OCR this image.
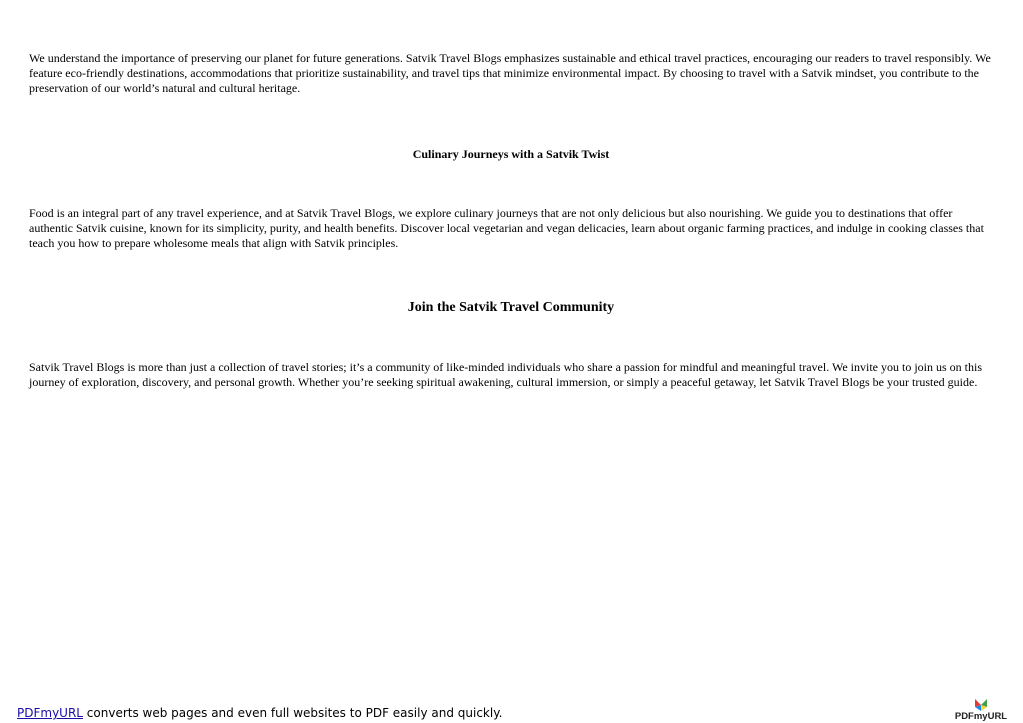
We understand the importance of preserving our planet for future generations. Satvik Travel Blogs emphasizes sustainable and ethical travel practices, encouraging our readers to travel responsibly. We feature eco-friendly destinations, accommodations that prioritize sustainability, and travel tips that minimize environmental impact. By choosing to travel with a Satvik mindset, you contribute to the preservation of our world’s natural and cultural heritage.

Culinary Journeys with a Satvik Twist

Food is an integral part of any travel experience, and at Satvik Travel Blogs, we explore culinary journeys that are not only delicious but also nourishing. We guide you to destinations that offer authentic Satvik cuisine, known for its simplicity, purity, and health benefits. Discover local vegetarian and vegan delicacies, learn about organic farming practices, and indulge in cooking classes that teach you how to prepare wholesome meals that align with Satvik principles.

Join the Satvik Travel Community

Satvik Travel Blogs is more than just a collection of travel stories; it’s a community of like-minded individuals who share a passion for mindful and meaningful travel. We invite you to join us on this journey of exploration, discovery, and personal growth. Whether you’re seeking spiritual awakening, cultural immersion, or simply a peaceful getaway, let Satvik Travel Blogs be your trusted guide.

PDFmyURL converts web pages and even full websites to PDF easily and quickly.	PDFmyURL
